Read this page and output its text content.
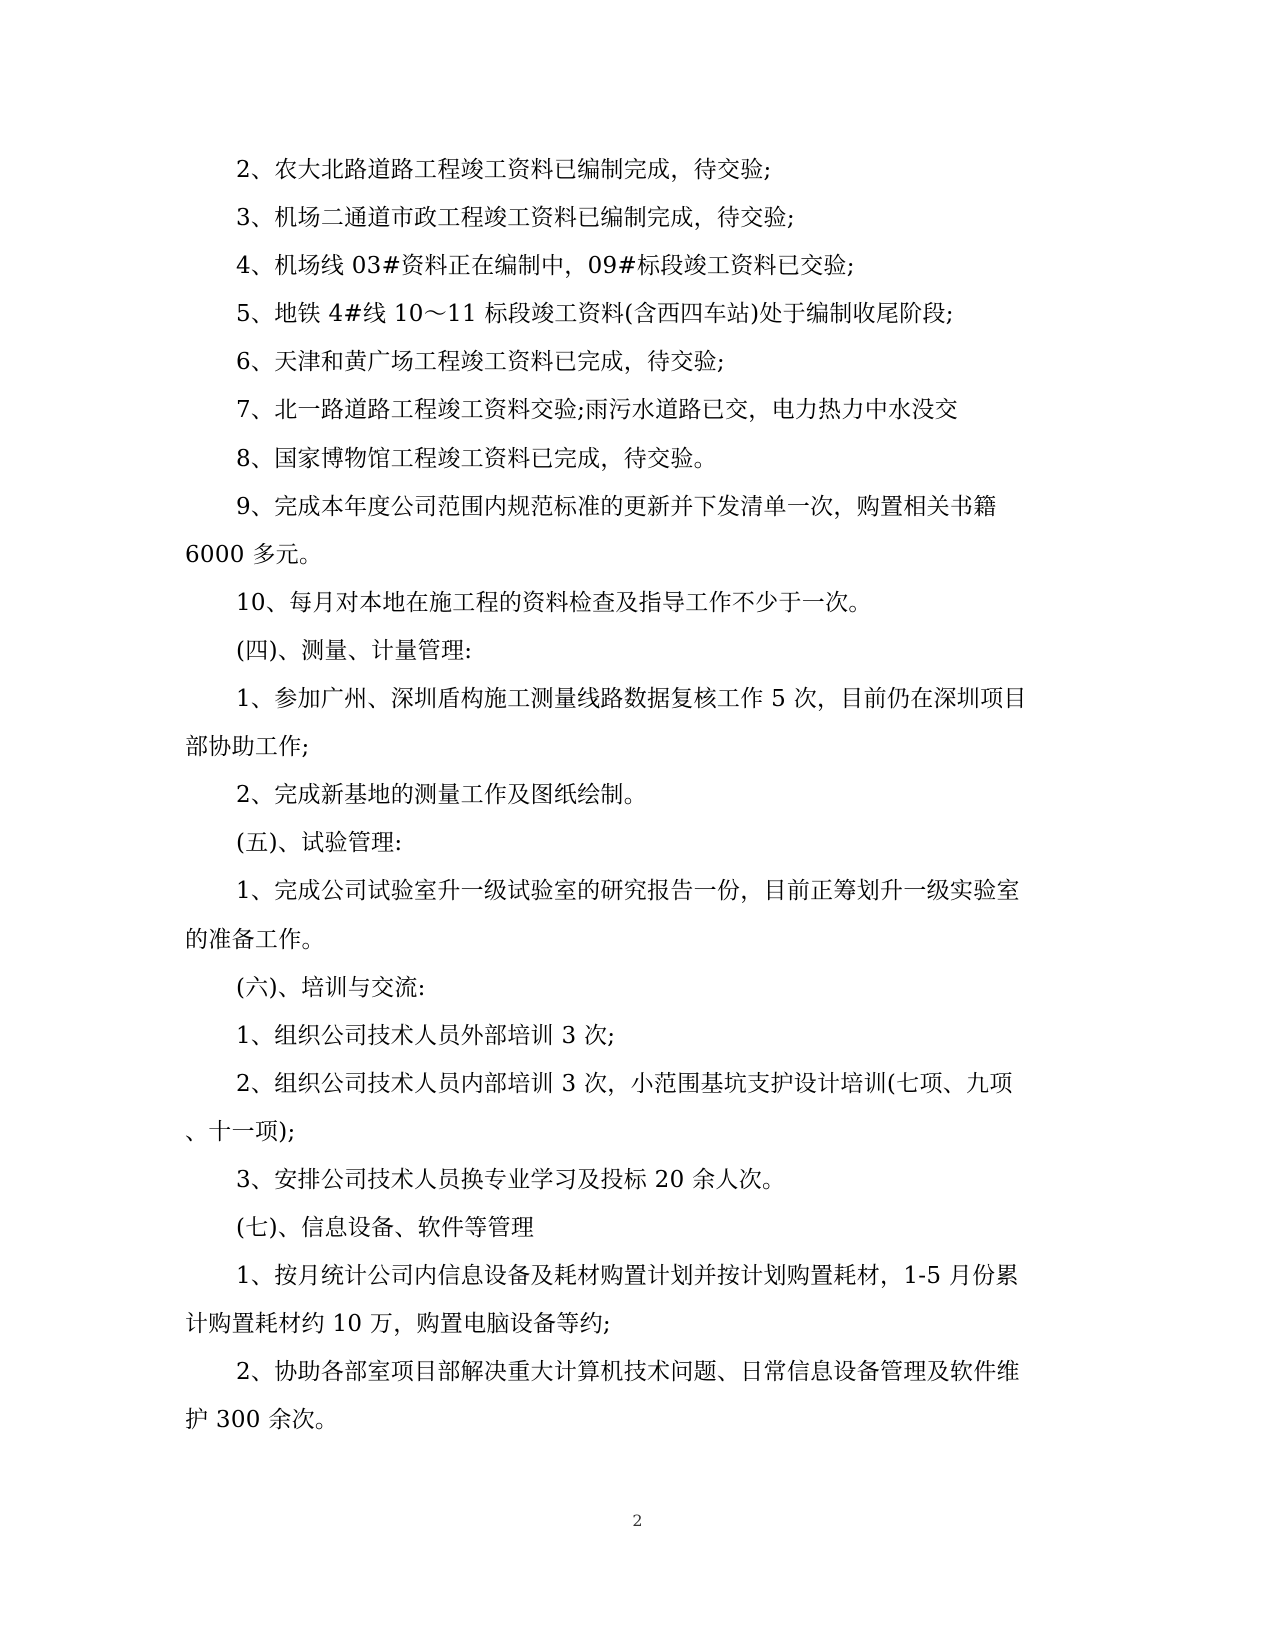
2、农大北路道路工程竣工资料已编制完成，待交验;
3、机场二通道市政工程竣工资料已编制完成，待交验;
4、机场线 03#资料正在编制中，09#标段竣工资料已交验;
5、地铁 4#线 10～11 标段竣工资料(含西四车站)处于编制收尾阶段;
6、天津和黄广场工程竣工资料已完成，待交验;
7、北一路道路工程竣工资料交验;雨污水道路已交，电力热力中水没交
8、国家博物馆工程竣工资料已完成，待交验。
9、完成本年度公司范围内规范标准的更新并下发清单一次，购置相关书籍
6000 多元。
10、每月对本地在施工程的资料检查及指导工作不少于一次。
(四)、测量、计量管理:
1、参加广州、深圳盾构施工测量线路数据复核工作 5 次，目前仍在深圳项目
部协助工作;
2、完成新基地的测量工作及图纸绘制。
(五)、试验管理:
1、完成公司试验室升一级试验室的研究报告一份，目前正筹划升一级实验室
的准备工作。
(六)、培训与交流:
1、组织公司技术人员外部培训 3 次;
2、组织公司技术人员内部培训 3 次，小范围基坑支护设计培训(七项、九项
、十一项);
3、安排公司技术人员换专业学习及投标 20 余人次。
(七)、信息设备、软件等管理
1、按月统计公司内信息设备及耗材购置计划并按计划购置耗材，1-5 月份累
计购置耗材约 10 万，购置电脑设备等约;
2、协助各部室项目部解决重大计算机技术问题、日常信息设备管理及软件维
护 300 余次。
2
